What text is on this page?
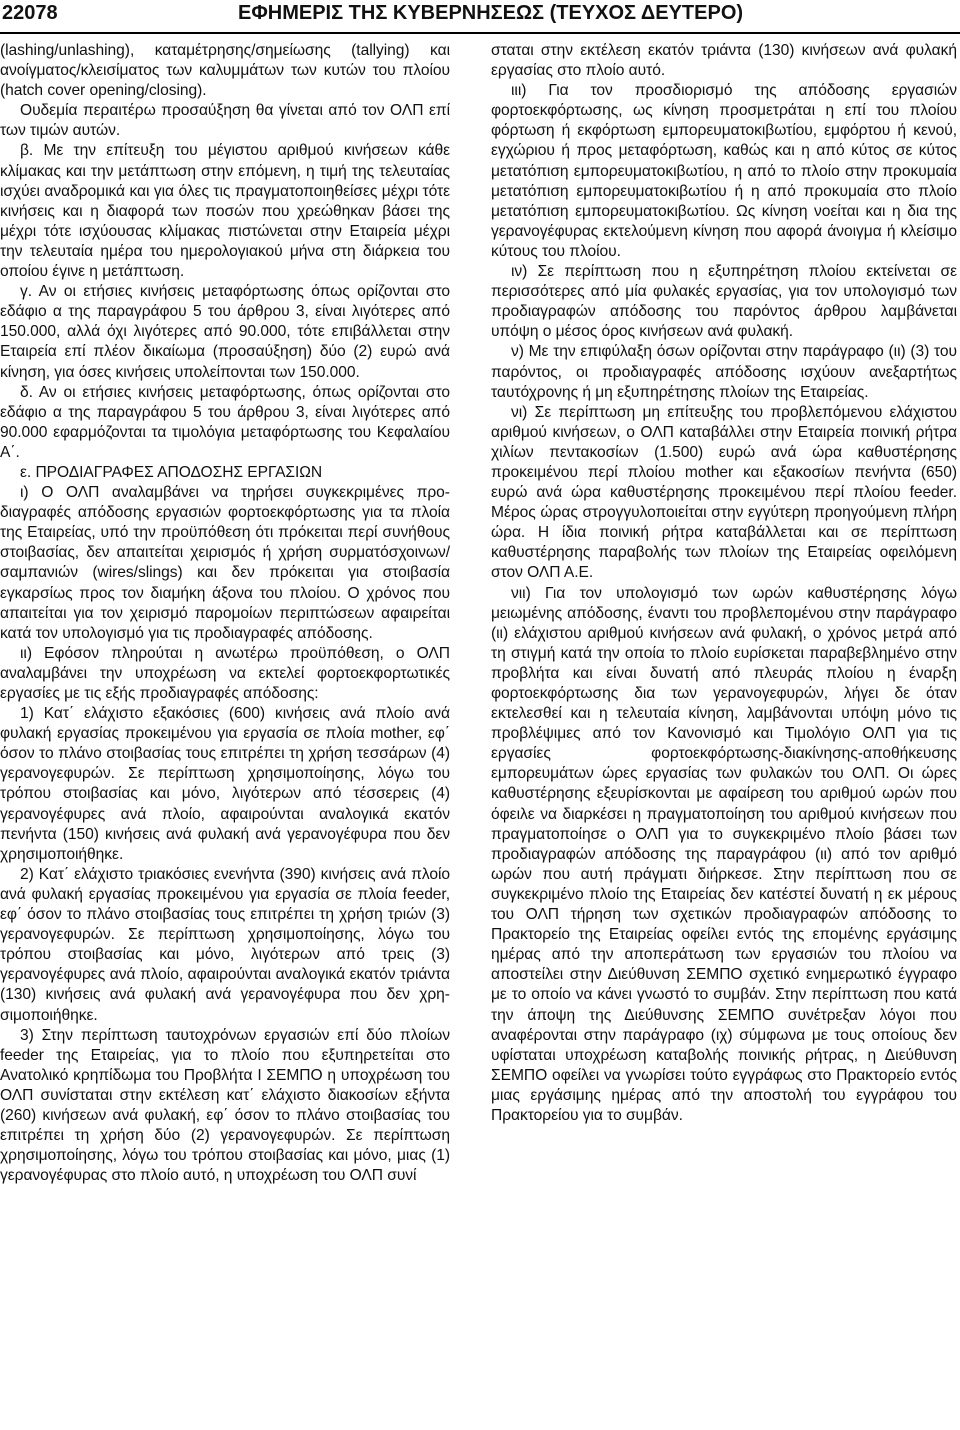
22078	ΕΦΗΜΕΡΙΣ ΤΗΣ ΚΥΒΕΡΝΗΣΕΩΣ (ΤΕΥΧΟΣ ΔΕΥΤΕΡΟ)

(lashing/unlashing), καταμέτρησης/σημείωσης (tallying) και ανοίγματος/κλεισίματος των καλυμμάτων των κυτών του πλοίου (hatch cover opening/closing).

Ουδεμία περαιτέρω προσαύξηση θα γίνεται από τον ΟΛΠ επί των τιμών αυτών.

β. Με την επίτευξη του μέγιστου αριθμού κινήσεων κάθε κλίμακας και την μετάπτωση στην επόμενη, η τιμή της τελευταίας ισχύει αναδρομικά και για όλες τις πραγματοποιηθείσες μέχρι τότε κινήσεις και η διαφορά των ποσών που χρεώθηκαν βάσει της μέχρι τότε ισχύουσας κλίμακας πιστώνεται στην Εταιρεία μέχρι την τελευταία ημέρα του ημερολογιακού μήνα στη διάρκεια του οποίου έγινε η μετάπτωση.

γ. Αν οι ετήσιες κινήσεις μεταφόρτωσης όπως ορίζονται στο εδάφιο α της παραγράφου 5 του άρθρου 3, είναι λιγότερες από 150.000, αλλά όχι λιγότερες από 90.000, τότε επιβάλλεται στην Εταιρεία επί πλέον δικαίωμα (προσαύξηση) δύο (2) ευρώ ανά κίνηση, για όσες κινήσεις υπολείπονται των 150.000.

δ. Αν οι ετήσιες κινήσεις μεταφόρτωσης, όπως ορίζονται στο εδάφιο α της παραγράφου 5 του άρθρου 3, είναι λιγότερες από 90.000 εφαρμόζονται τα τιμολόγια μεταφόρτωσης του Κεφαλαίου Α΄.

ε. ΠΡΟΔΙΑΓΡΑΦΕΣ ΑΠΟΔΟΣΗΣ ΕΡΓΑΣΙΩΝ

ι) Ο ΟΛΠ αναλαμβάνει να τηρήσει συγκεκριμένες προδιαγραφές απόδοσης εργασιών φορτοεκφόρτωσης για τα πλοία της Εταιρείας, υπό την προϋπόθεση ότι πρόκειται περί συνήθους στοιβασίας, δεν απαιτείται χειρισμός ή χρήση συρματόσχοινων/σαμπανιών (wires/slings) και δεν πρόκειται για στοιβασία εγκαρσίως προς τον διαμήκη άξονα του πλοίου. Ο χρόνος που απαιτείται για τον χειρισμό παρομοίων περιπτώσεων αφαιρείται κατά τον υπολογισμό για τις προδιαγραφές απόδοσης.

ιι) Εφόσον πληρούται η ανωτέρω προϋπόθεση, ο ΟΛΠ αναλαμβάνει την υποχρέωση να εκτελεί φορτοεκφορτωτικές εργασίες με τις εξής προδιαγραφές απόδοσης:

1) Κατ΄ ελάχιστο εξακόσιες (600) κινήσεις ανά πλοίο ανά φυλακή εργασίας προκειμένου για εργασία σε πλοία mother, εφ΄ όσον το πλάνο στοιβασίας τους επιτρέπει τη χρήση τεσσάρων (4) γερανογεφυρών. Σε περίπτωση χρησιμοποίησης, λόγω του τρόπου στοιβασίας και μόνο, λιγότερων από τέσσερεις (4) γερανογέφυρες ανά πλοίο, αφαιρούνται αναλογικά εκατόν πενήντα (150) κινήσεις ανά φυλακή ανά γερανογέφυρα που δεν χρησιμοποιήθηκε.

2) Κατ΄ ελάχιστο τριακόσιες ενενήντα (390) κινήσεις ανά πλοίο ανά φυλακή εργασίας προκειμένου για εργασία σε πλοία feeder, εφ΄ όσον το πλάνο στοιβασίας τους επιτρέπει τη χρήση τριών (3) γερανογεφυρών. Σε περίπτωση χρησιμοποίησης, λόγω του τρόπου στοιβασίας και μόνο, λιγότερων από τρεις (3) γερανογέφυρες ανά πλοίο, αφαιρούνται αναλογικά εκατόν τριάντα (130) κινήσεις ανά φυλακή ανά γερανογέφυρα που δεν χρησιμοποιήθηκε.

3) Στην περίπτωση ταυτοχρόνων εργασιών επί δύο πλοίων feeder της Εταιρείας, για το πλοίο που εξυπηρετείται στο Ανατολικό κρηπίδωμα του Προβλήτα Ι ΣΕΜΠΟ η υποχρέωση του ΟΛΠ συνίσταται στην εκτέλεση κατ΄ ελάχιστο διακοσίων εξήντα (260) κινήσεων ανά φυλακή, εφ΄ όσον το πλάνο στοιβασίας του επιτρέπει τη χρήση δύο (2) γερανογεφυρών. Σε περίπτωση χρησιμοποίησης, λόγω του τρόπου στοιβασίας και μόνο, μιας (1) γερανογέφυρας στο πλοίο αυτό, η υποχρέωση του ΟΛΠ συνί

σταται στην εκτέλεση εκατόν τριάντα (130) κινήσεων ανά φυλακή εργασίας στο πλοίο αυτό.

ιιι) Για τον προσδιορισμό της απόδοσης εργασιών φορτοεκφόρτωσης, ως κίνηση προσμετράται η επί του πλοίου φόρτωση ή εκφόρτωση εμπορευματοκιβωτίου, εμφόρτου ή κενού, εγχώριου ή προς μεταφόρτωση, καθώς και η από κύτος σε κύτος μετατόπιση εμπορευματοκιβωτίου, η από το πλοίο στην προκυμαία μετατόπιση εμπορευματοκιβωτίου ή η από προκυμαία στο πλοίο μετατόπιση εμπορευματοκιβωτίου. Ως κίνηση νοείται και η δια της γερανογέφυρας εκτελούμενη κίνηση που αφορά άνοιγμα ή κλείσιμο κύτους του πλοίου.

ιν) Σε περίπτωση που η εξυπηρέτηση πλοίου εκτείνεται σε περισσότερες από μία φυλακές εργασίας, για τον υπολογισμό των προδιαγραφών απόδοσης του παρόντος άρθρου λαμβάνεται υπόψη ο μέσος όρος κινήσεων ανά φυλακή.

ν) Με την επιφύλαξη όσων ορίζονται στην παράγραφο (ιι) (3) του παρόντος, οι προδιαγραφές απόδοσης ισχύουν ανεξαρτήτως ταυτόχρονης ή μη εξυπηρέτησης πλοίων της Εταιρείας.

νι) Σε περίπτωση μη επίτευξης του προβλεπόμενου ελάχιστου αριθμού κινήσεων, ο ΟΛΠ καταβάλλει στην Εταιρεία ποινική ρήτρα χιλίων πεντακοσίων (1.500) ευρώ ανά ώρα καθυστέρησης προκειμένου περί πλοίου mother και εξακοσίων πενήντα (650) ευρώ ανά ώρα καθυστέρησης προκειμένου περί πλοίου feeder. Μέρος ώρας στρογγυλοποιείται στην εγγύτερη προηγούμενη πλήρη ώρα. Η ίδια ποινική ρήτρα καταβάλλεται και σε περίπτωση καθυστέρησης παραβολής των πλοίων της Εταιρείας οφειλόμενη στον ΟΛΠ Α.Ε.

νιι) Για τον υπολογισμό των ωρών καθυστέρησης λόγω μειωμένης απόδοσης, έναντι του προβλεπομένου στην παράγραφο (ιι) ελάχιστου αριθμού κινήσεων ανά φυλακή, ο χρόνος μετρά από τη στιγμή κατά την οποία το πλοίο ευρίσκεται παραβεβλημένο στην προβλήτα και είναι δυνατή από πλευράς πλοίου η έναρξη φορτοεκφόρτωσης δια των γερανογεφυρών, λήγει δε όταν εκτελεσθεί και η τελευταία κίνηση, λαμβάνονται υπόψη μόνο τις προβλέψιμες από τον Κανονισμό και Τιμολόγιο ΟΛΠ για τις εργασίες φορτοεκφόρτωσης-διακίνησης-αποθήκευσης εμπορευμάτων ώρες εργασίας των φυλακών του ΟΛΠ. Οι ώρες καθυστέρησης εξευρίσκονται με αφαίρεση του αριθμού ωρών που όφειλε να διαρκέσει η πραγματοποίηση του αριθμού κινήσεων που πραγματοποίησε ο ΟΛΠ για το συγκεκριμένο πλοίο βάσει των προδιαγραφών απόδοσης της παραγράφου (ιι) από τον αριθμό ωρών που αυτή πράγματι διήρκεσε. Στην περίπτωση που σε συγκεκριμένο πλοίο της Εταιρείας δεν κατέστεί δυνατή η εκ μέρους του ΟΛΠ τήρηση των σχετικών προδιαγραφών απόδοσης το Πρακτορείο της Εταιρείας οφείλει εντός της επομένης εργάσιμης ημέρας από την αποπεράτωση των εργασιών του πλοίου να αποστείλει στην Διεύθυνση ΣΕΜΠΟ σχετικό ενημερωτικό έγγραφο με το οποίο να κάνει γνωστό το συμβάν. Στην περίπτωση που κατά την άποψη της Διεύθυνσης ΣΕΜΠΟ συνέτρεξαν λόγοι που αναφέρονται στην παράγραφο (ιχ) σύμφωνα με τους οποίους δεν υφίσταται υποχρέωση καταβολής ποινικής ρήτρας, η Διεύθυνση ΣΕΜΠΟ οφείλει να γνωρίσει τούτο εγγράφως στο Πρακτορείο εντός μιας εργάσιμης ημέρας από την αποστολή του εγγράφου του Πρακτορείου για το συμβάν.
